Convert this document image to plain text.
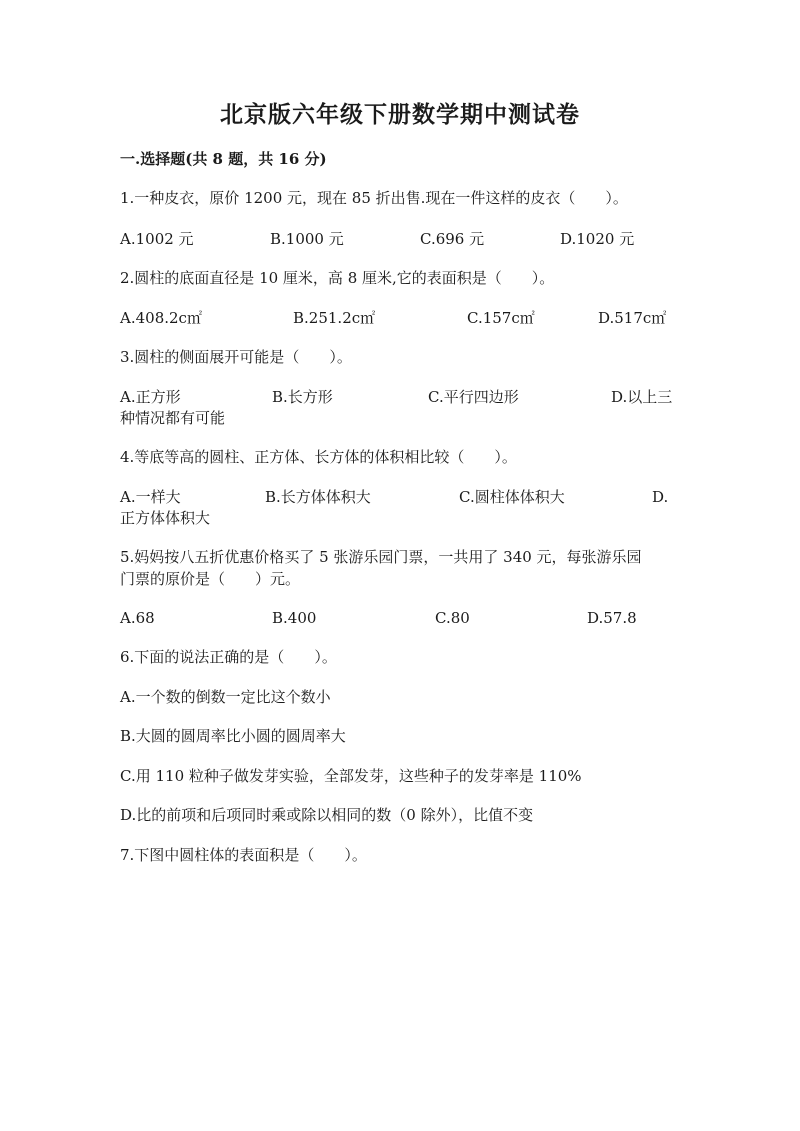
北京版六年级下册数学期中测试卷
一.选择题(共 8 题，共 16 分)
1.一种皮衣，原价 1200 元，现在 85 折出售.现在一件这样的皮衣（　　）。
A.1002 元	B.1000 元	C.696 元	D.1020 元
2.圆柱的底面直径是 10 厘米，高 8 厘米,它的表面积是（　　）。
A.408.2c㎡	B.251.2c㎡	C.157c㎡	D.517c㎡
3.圆柱的侧面展开可能是（　　）。
A.正方形	B.长方形	C.平行四边形	D.以上三
种情况都有可能
4.等底等高的圆柱、正方体、长方体的体积相比较（　　）。
A.一样大	B.长方体体积大	C.圆柱体体积大	D.
正方体体积大
5.妈妈按八五折优惠价格买了 5 张游乐园门票，一共用了 340 元，每张游乐园
门票的原价是（　　）元。
A.68	B.400	C.80	D.57.8
6.下面的说法正确的是（　　）。
A.一个数的倒数一定比这个数小
B.大圆的圆周率比小圆的圆周率大
C.用 110 粒种子做发芽实验，全部发芽，这些种子的发芽率是 110%
D.比的前项和后项同时乘或除以相同的数（0 除外），比值不变
7.下图中圆柱体的表面积是（　　）。
